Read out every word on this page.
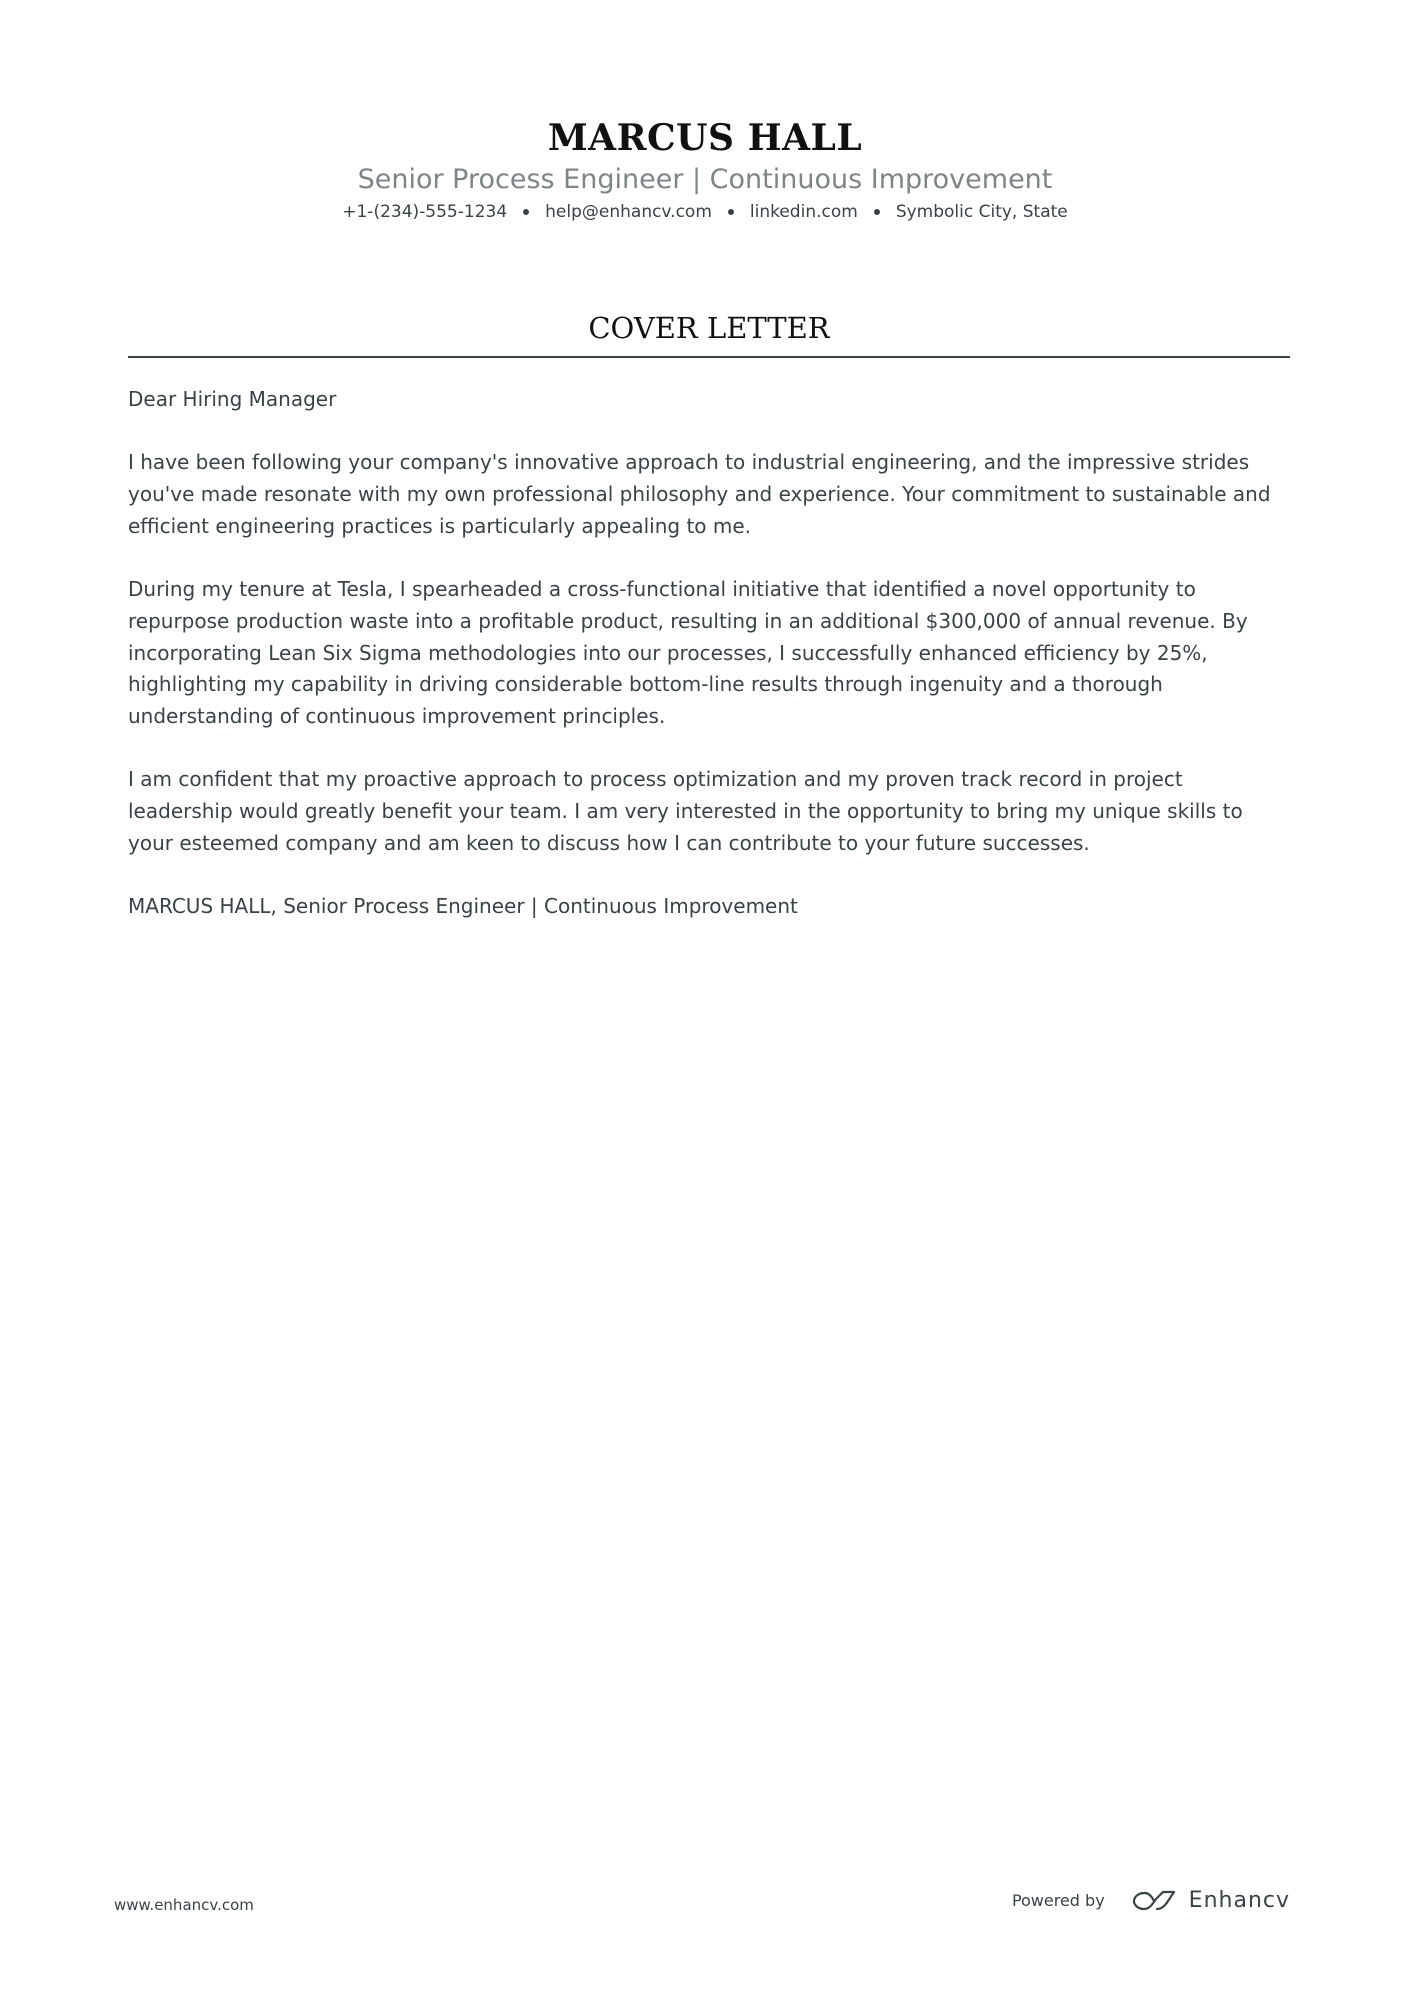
MARCUS HALL
Senior Process Engineer | Continuous Improvement
+1-(234)-555-1234 help@enhancv.com linkedin.com Symbolic City, State
COVER LETTER

Dear Hiring Manager

I have been following your company's innovative approach to industrial engineering, and the impressive strides you've made resonate with my own professional philosophy and experience. Your commitment to sustainable and efficient engineering practices is particularly appealing to me.

During my tenure at Tesla, I spearheaded a cross-functional initiative that identified a novel opportunity to repurpose production waste into a profitable product, resulting in an additional $300,000 of annual revenue. By incorporating Lean Six Sigma methodologies into our processes, I successfully enhanced efficiency by 25%, highlighting my capability in driving considerable bottom-line results through ingenuity and a thorough understanding of continuous improvement principles.

I am confident that my proactive approach to process optimization and my proven track record in project leadership would greatly benefit your team. I am very interested in the opportunity to bring my unique skills to your esteemed company and am keen to discuss how I can contribute to your future successes.

MARCUS HALL, Senior Process Engineer | Continuous Improvement

www.enhancv.com	Powered by	Enhancv
